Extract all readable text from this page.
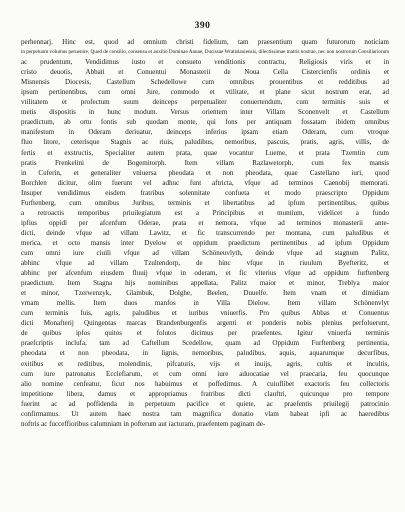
390
perhennarj. Hinc est, quod ad omnium christi fidelium, tam praesentium quam futurorum noticiam
in perpetuum volumus peruenire, Quod de consilio, consensu et auxilio Dominae Annae, Ducissae Wratislauiensis, dilectissimae matris nostrae, nec non nostrorum Consiliariorum
ac prudentum, Vendidimus iusto et consueto venditionis contractu, Religiosis viris et in
cristo deuotis, Abbati et Conuentui Monasterii de Noua Cella Cistercienfis ordinis et
Misnensis Diocesis, Castellum Schedellowe cum omnibus prouentibus et redditibus ad
ipsum pertinentibus, cum omni Jure, commodo et vtilitate, et plane sicut nostrum erat, ad
vtilitatem et profectum suum deinceps perpetualiter conuertendum, cum terminis suis et
metis dispositis in hunc modum. Versus orientem inter Villam Sconenvelt et Castellum
praedictum, ab ortu fontis sub quodam monte, qui fons per antiquam fossatam ibidem omnibus
manifestum in Oderam deriuatur, deinceps inferius ipsam etiam Oderam, cum vtroque
fluo litore, ceterisque Stagnis ac riuis, paludibus, nemoribus, pascuis, pratis, agris, villis, de
fertis et exstructis, Specialiter autem prata, quae vocantur Lueme, et prata Tzemtin cum
pratis Frenkelini de Bogemitorph. Item villam Razlawetorph, cum fex mansis
in Cuferin, et generaliter vniuersa pheodata et non pheodata, quae Castellano iuri, quod
Borchlen dicitur, olim fuerunt vel adhuc funt aftricta, vfque ad terminos Caenobij memorati.
Insuper vendidimus eisdem fratribus solennitate confueta et modo praescripto Oppidum
Furftenberg, cum omnibus Juribus, terminis et libertatibus ad ipfum pertinentibus, quibus
a retroactis temporibus priuilegiatum est a Principibus et muntium, videlicet a fundo
ipfius oppidi per afcenfum Oderae, prata et nemora, vfque ad terminos monasterii ante-
dicti, deinde vfque ad villam Lawitz, et fic transcurrendo per montana, cum paludibus et
merica, et octo mansis inter Dyelow et oppidum praedictum pertinentibus ad ipfum Oppidum
cum omni iure ciuili vfque ad villam Schöneuvlyth, deinde vfque ad stagnum Palitz,
abhinc vfque ad villam Tzultendorp, de hinc vfque in riuulum Byefteritz, et
abhinc per afcenfum eiusdem fluuij vfque in oderam, et fic vlterius vfque ad oppidum furftenberg
praedictum. Item Stagna hijs nominibus appellata, Palitz maior et minor, Treblya maior
et minor, Tzerwenzyk, Glambuk, Dolghe, Beelen, Duuelfe. Item vnam et dimidiam
vrnam mellis. Item duos manfos in Villa Dielow. Item villam Schönenvlyt
cum terminis fuis, agris, paludibus et iuribus vniuerfis. Pro quibus Abbas et Conuentus
dicti Monafterij Quingentas marcas Brandenburgenfis argenti et ponderis nobis plenius perfoluerunt,
de quibus ipfos quitos et folutos dicimus per praefentes. Igitur vniuerfa terminis
praefcriptis inclufa, tam ad Caftellum Scedellow, quam ad Oppidum Furftenberg pertinentia,
pheodata et non pheodata, in lignis, nemoribus, paludibus, aquis, aquarumque decurfibus,
exitibus et reditibus, molendinis, pifcaturis, vijs et inuijs, agris, cultis et incultis,
cum iure patronatus Ecclefiarum, et cum omni iure aduocatiae vel praecaria, feu quocunque
alio nomine cenfeatur, ficut nos habuimus et poffedimus. A cuiuflibet exactoris feu collectoris
impetitione libera, damus et appropriamus fratribus dicti clauftri, quicunque pro tempore
fuerint ac ad poffidenda in perpetuum pacifice et quiete, ac praefentis priuilegij patrocinio
confirmamus. Ut autem haec nostra tam magnifica donatio vlam habeat ipfi ac haeredibus
noftris ac fucceffioribus calumniam in pofterum aut iacturam, praefentem paginam de-
